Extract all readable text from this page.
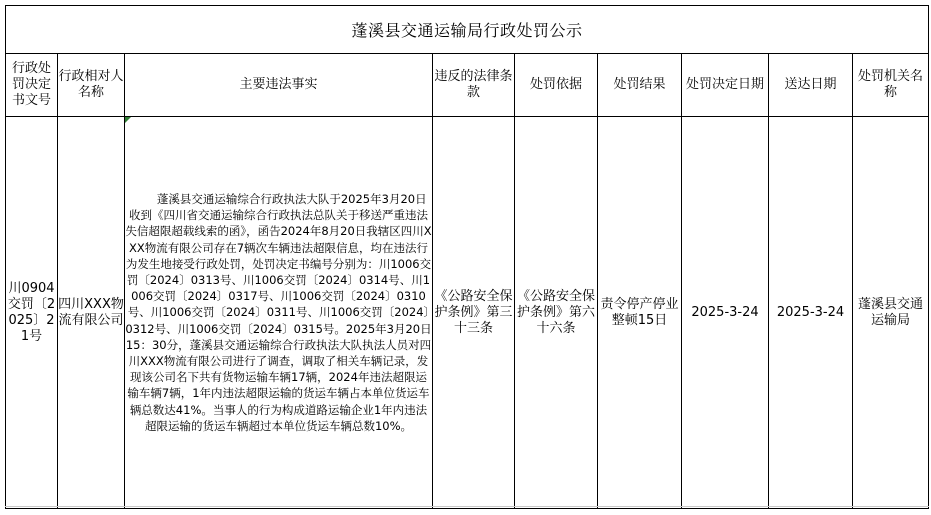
蓬溪县交通运输局行政处罚公示								
行政处罚决定书文号	行政相对人名称	主要违法事实	违反的法律条款	处罚依据	处罚结果	处罚决定日期	送达日期	处罚机关名称
川0904交罚〔2025〕21号	四川XXX物流有限公司	蓬溪县交通运输综合行政执法大队于2025年3月20日收到《四川省交通运输综合行政执法总队关于移送严重违法失信超限超载线索的函》，函告2024年8月20日我辖区四川XXX物流有限公司存在7辆次车辆违法超限信息，均在违法行为发生地接受行政处罚，处罚决定书编号分别为：川1006交罚〔2024〕0313号、川1006交罚〔2024〕0314号、川1006交罚〔2024〕0317号、川1006交罚〔2024〕0310号、川1006交罚〔2024〕0311号、川1006交罚〔2024〕0312号、川1006交罚〔2024〕0315号。2025年3月20日15：30分，蓬溪县交通运输综合行政执法大队执法人员对四川XXX物流有限公司进行了调查，调取了相关车辆记录，发现该公司名下共有货物运输车辆17辆，2024年违法超限运输车辆7辆，1年内违法超限运输的货运车辆占本单位货运车辆总数达41%。当事人的行为构成道路运输企业1年内违法超限运输的货运车辆超过本单位货运车辆总数10%。	《公路安全保护条例》第三十三条	《公路安全保护条例》第六十六条	责令停产停业整顿15日	2025-3-24	2025-3-24	蓬溪县交通运输局
